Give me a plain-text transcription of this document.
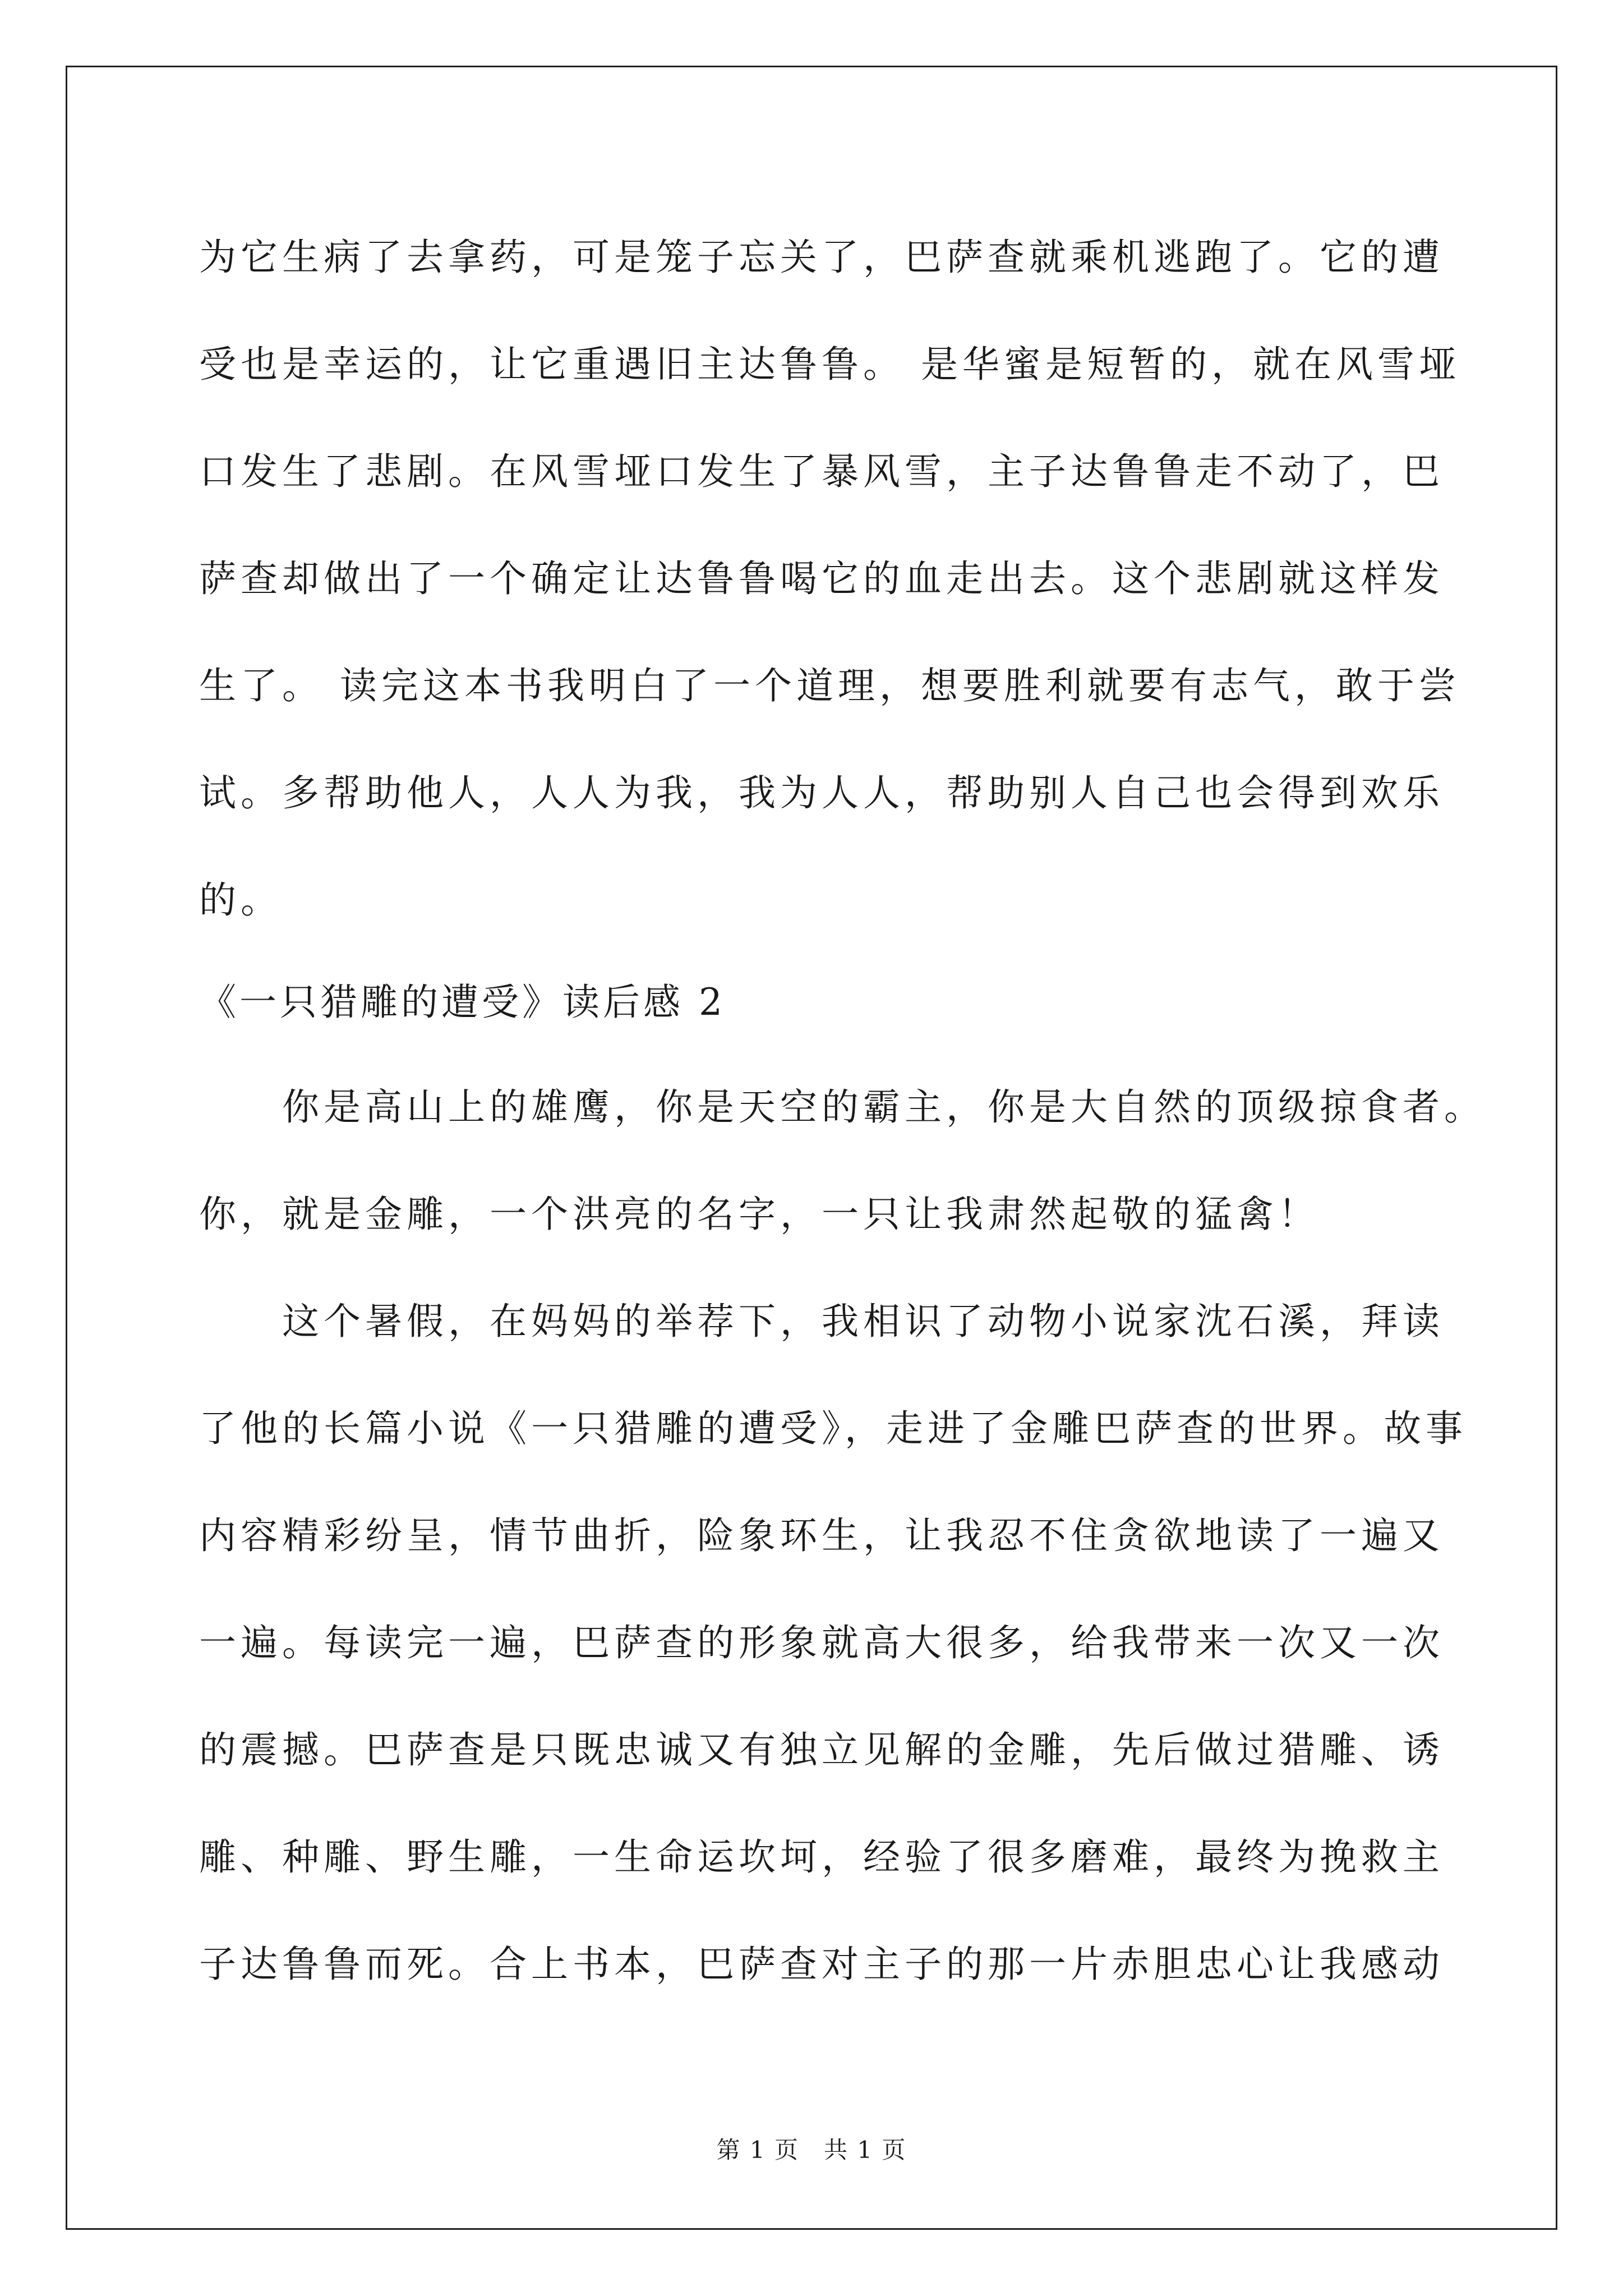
为它生病了去拿药，可是笼子忘关了，巴萨查就乘机逃跑了。它的遭
受也是幸运的，让它重遇旧主达鲁鲁。 是华蜜是短暂的，就在风雪垭
口发生了悲剧。在风雪垭口发生了暴风雪，主子达鲁鲁走不动了，巴
萨查却做出了一个确定让达鲁鲁喝它的血走出去。这个悲剧就这样发
生了。 读完这本书我明白了一个道理，想要胜利就要有志气，敢于尝
试。多帮助他人，人人为我，我为人人，帮助别人自己也会得到欢乐
的。
《一只猎雕的遭受》读后感 2
你是高山上的雄鹰，你是天空的霸主，你是大自然的顶级掠食者。
你，就是金雕，一个洪亮的名字，一只让我肃然起敬的猛禽！
这个暑假，在妈妈的举荐下，我相识了动物小说家沈石溪，拜读
了他的长篇小说《一只猎雕的遭受》，走进了金雕巴萨查的世界。故事
内容精彩纷呈，情节曲折，险象环生，让我忍不住贪欲地读了一遍又
一遍。每读完一遍，巴萨查的形象就高大很多，给我带来一次又一次
的震撼。巴萨查是只既忠诚又有独立见解的金雕，先后做过猎雕、诱
雕、种雕、野生雕，一生命运坎坷，经验了很多磨难，最终为挽救主
子达鲁鲁而死。合上书本，巴萨查对主子的那一片赤胆忠心让我感动
第 1 页　共 1 页
